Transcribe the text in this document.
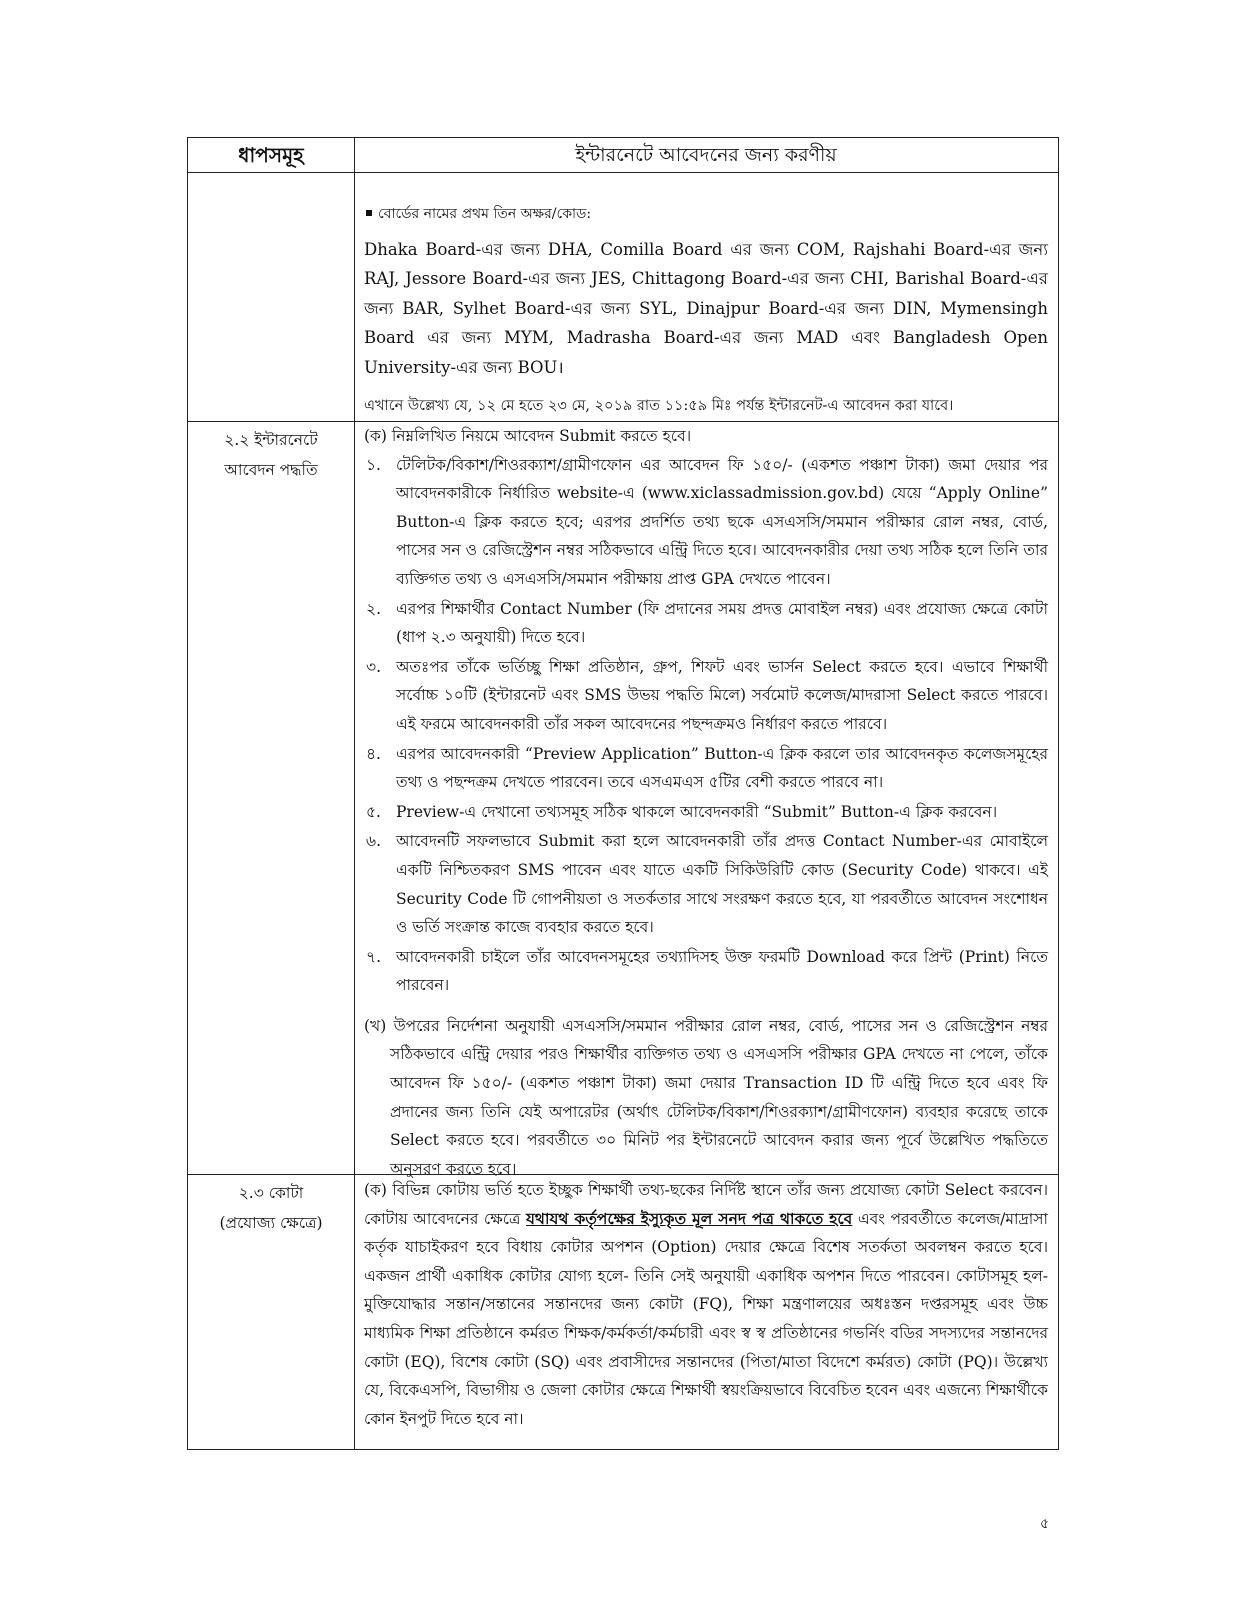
ধাপসমূহ	ইন্টারনেটে আবেদনের জন্য করণীয়

বোর্ডের নামের প্রথম তিন অক্ষর/কোড:

Dhaka Board-এর জন্য DHA, Comilla Board এর জন্য COM, Rajshahi Board-এর জন্য RAJ, Jessore Board-এর জন্য JES, Chittagong Board-এর জন্য CHI, Barishal Board-এর জন্য BAR, Sylhet Board-এর জন্য SYL, Dinajpur Board-এর জন্য DIN, Mymensingh Board এর জন্য MYM, Madrasha Board-এর জন্য MAD এবং Bangladesh Open University-এর জন্য BOU।

এখানে উল্লেখ্য যে, ১২ মে হতে ২৩ মে, ২০১৯ রাত ১১:৫৯ মিঃ পর্যন্ত ইন্টারনেট-এ আবেদন করা যাবে।

২.২ ইন্টারনেটে
আবেদন পদ্ধতি

(ক) নিম্নলিখিত নিয়মে আবেদন Submit করতে হবে।

১. টেলিটক/বিকাশ/শিওরক্যাশ/গ্রামীণফোন এর আবেদন ফি ১৫০/- (একশত পঞ্চাশ টাকা) জমা দেয়ার পর আবেদনকারীকে নির্ধারিত website-এ (www.xiclassadmission.gov.bd) যেয়ে “Apply Online” Button-এ ক্লিক করতে হবে; এরপর প্রদর্শিত তথ্য ছকে এসএসসি/সমমান পরীক্ষার রোল নম্বর, বোর্ড, পাসের সন ও রেজিস্ট্রেশন নম্বর সঠিকভাবে এন্ট্রি দিতে হবে। আবেদনকারীর দেয়া তথ্য সঠিক হলে তিনি তার ব্যক্তিগত তথ্য ও এসএসসি/সমমান পরীক্ষায় প্রাপ্ত GPA দেখতে পাবেন।
২. এরপর শিক্ষার্থীর Contact Number (ফি প্রদানের সময় প্রদত্ত মোবাইল নম্বর) এবং প্রযোজ্য ক্ষেত্রে কোটা (ধাপ ২.৩ অনুযায়ী) দিতে হবে।
৩. অতঃপর তাঁকে ভর্তিচ্ছু শিক্ষা প্রতিষ্ঠান, গ্রুপ, শিফট এবং ভার্সন Select করতে হবে। এভাবে শিক্ষার্থী সর্বোচ্চ ১০টি (ইন্টারনেট এবং SMS উভয় পদ্ধতি মিলে) সর্বমোট কলেজ/মাদরাসা Select করতে পারবে। এই ফরমে আবেদনকারী তাঁর সকল আবেদনের পছন্দক্রমও নির্ধারণ করতে পারবে।
৪. এরপর আবেদনকারী “Preview Application” Button-এ ক্লিক করলে তার আবেদনকৃত কলেজসমূহের তথ্য ও পছন্দক্রম দেখতে পারবেন। তবে এসএমএস ৫টির বেশী করতে পারবে না।
৫. Preview-এ দেখানো তথ্যসমূহ সঠিক থাকলে আবেদনকারী “Submit” Button-এ ক্লিক করবেন।
৬. আবেদনটি সফলভাবে Submit করা হলে আবেদনকারী তাঁর প্রদত্ত Contact Number-এর মোবাইলে একটি নিশ্চিতকরণ SMS পাবেন এবং যাতে একটি সিকিউরিটি কোড (Security Code) থাকবে। এই Security Code টি গোপনীয়তা ও সতর্কতার সাথে সংরক্ষণ করতে হবে, যা পরবর্তীতে আবেদন সংশোধন ও ভর্তি সংক্রান্ত কাজে ব্যবহার করতে হবে।
৭. আবেদনকারী চাইলে তাঁর আবেদনসমূহের তথ্যাদিসহ উক্ত ফরমটি Download করে প্রিন্ট (Print) নিতে পারবেন।

(খ) উপরের নির্দেশনা অনুযায়ী এসএসসি/সমমান পরীক্ষার রোল নম্বর, বোর্ড, পাসের সন ও রেজিস্ট্রেশন নম্বর সঠিকভাবে এন্ট্রি দেয়ার পরও শিক্ষার্থীর ব্যক্তিগত তথ্য ও এসএসসি পরীক্ষার GPA দেখতে না পেলে, তাঁকে আবেদন ফি ১৫০/- (একশত পঞ্চাশ টাকা) জমা দেয়ার Transaction ID টি এন্ট্রি দিতে হবে এবং ফি প্রদানের জন্য তিনি যেই অপারেটর (অর্থাৎ টেলিটক/বিকাশ/শিওরক্যাশ/গ্রামীণফোন) ব্যবহার করেছে তাকে Select করতে হবে। পরবর্তীতে ৩০ মিনিট পর ইন্টারনেটে আবেদন করার জন্য পূর্বে উল্লেখিত পদ্ধতিতে অনুসরণ করতে হবে।

২.৩ কোটা
(প্রযোজ্য ক্ষেত্রে)
(ক) বিভিন্ন কোটায় ভর্তি হতে ইচ্ছুক শিক্ষার্থী তথ্য-ছকের নির্দিষ্ট স্থানে তাঁর জন্য প্রযোজ্য কোটা Select করবেন। কোটায় আবেদনের ক্ষেত্রে যথাযথ কর্তৃপক্ষের ইস্যুকৃত মূল সনদ পত্র থাকতে হবে এবং পরবর্তীতে কলেজ/মাদ্রাসা কর্তৃক যাচাইকরণ হবে বিধায় কোটার অপশন (Option) দেয়ার ক্ষেত্রে বিশেষ সতর্কতা অবলম্বন করতে হবে। একজন প্রার্থী একাধিক কোটার যোগ্য হলে- তিনি সেই অনুযায়ী একাধিক অপশন দিতে পারবেন। কোটাসমূহ হল- মুক্তিযোদ্ধার সন্তান/সন্তানের সন্তানদের জন্য কোটা (FQ), শিক্ষা মন্ত্রণালয়ের অধঃস্তন দপ্তরসমূহ এবং উচ্চ মাধ্যমিক শিক্ষা প্রতিষ্ঠানে কর্মরত শিক্ষক/কর্মকর্তা/কর্মচারী এবং স্ব স্ব প্রতিষ্ঠানের গভর্নিং বডির সদস্যদের সন্তানদের কোটা (EQ), বিশেষ কোটা (SQ) এবং প্রবাসীদের সন্তানদের (পিতা/মাতা বিদেশে কর্মরত) কোটা (PQ)। উল্লেখ্য যে, বিকেএসপি, বিভাগীয় ও জেলা কোটার ক্ষেত্রে শিক্ষার্থী স্বয়ংক্রিয়ভাবে বিবেচিত হবেন এবং এজন্যে শিক্ষার্থীকে কোন ইনপুট দিতে হবে না।
৫
